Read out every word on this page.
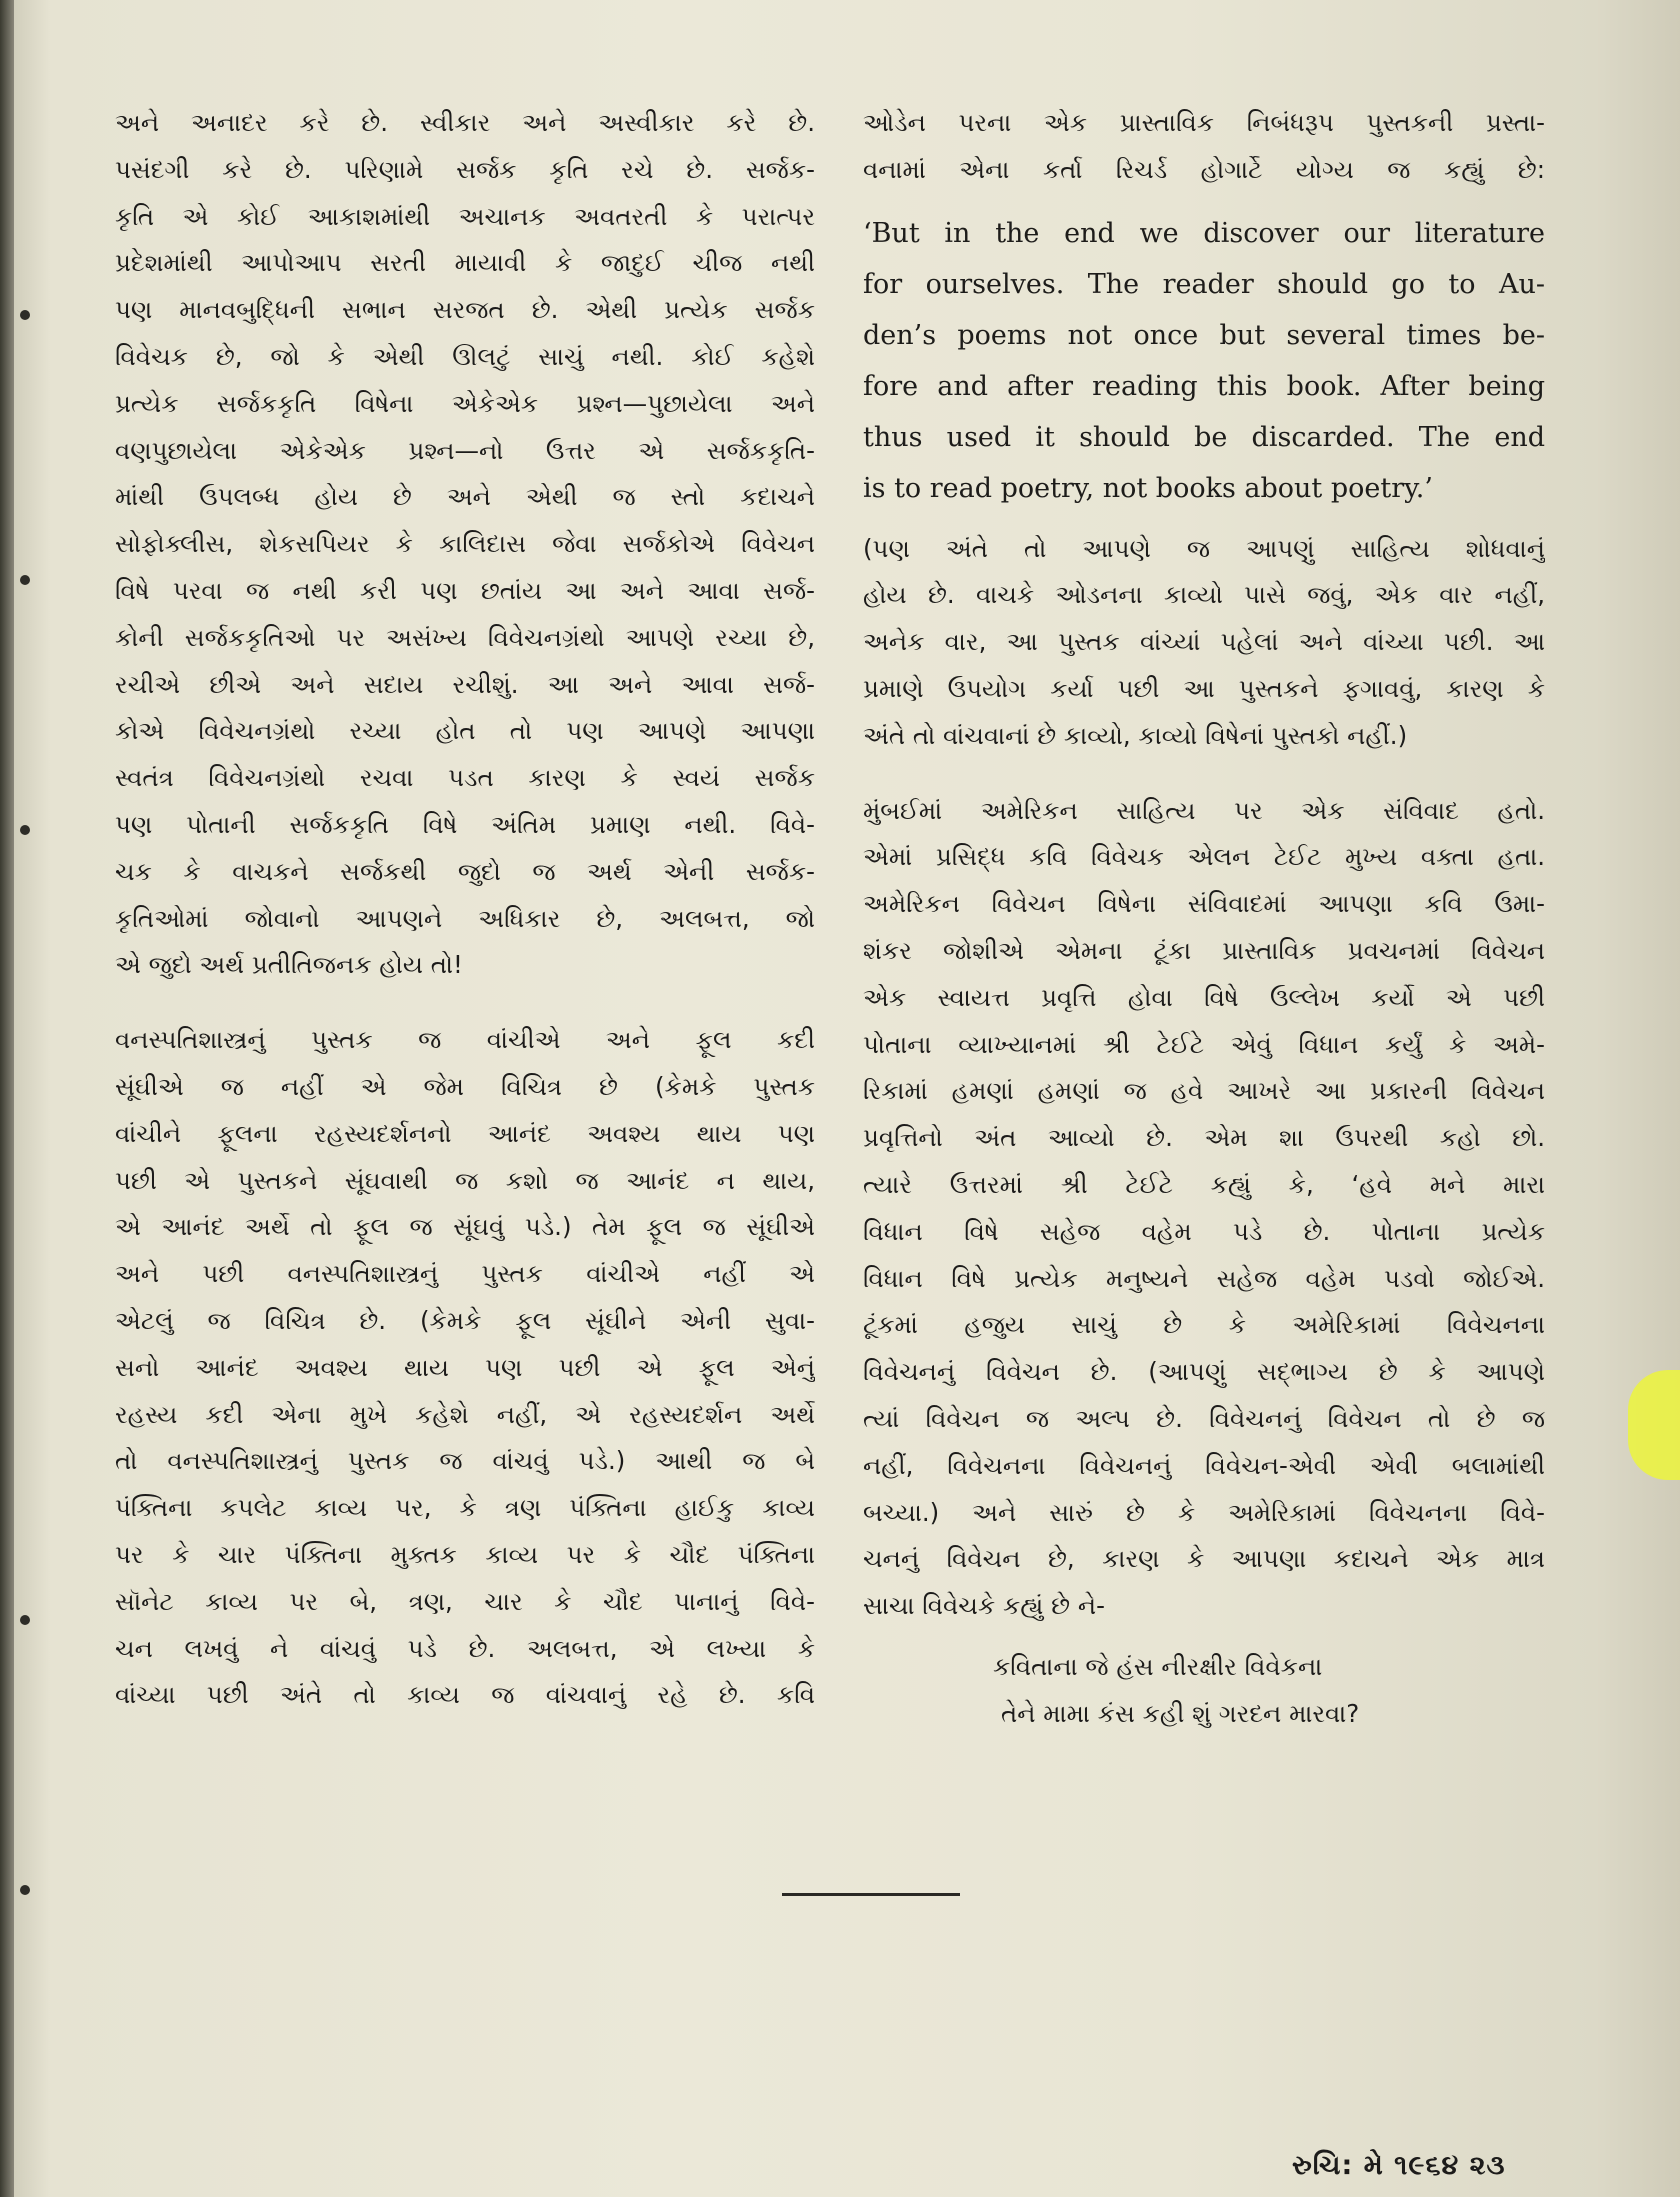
અને અનાદર કરે છે. સ્વીકાર અને અસ્વીકાર કરે છે.
પસંદગી કરે છે. પરિણામે સર્જક કૃતિ રચે છે. સર્જક-
કૃતિ એ કોઈ આકાશમાંથી અચાનક અવતરતી કે પરાત્પર
પ્રદેશમાંથી આપોઆપ સરતી માયાવી કે જાદુઈ ચીજ નથી
પણ માનવબુદ્ધિની સભાન સરજત છે. એથી પ્રત્યેક સર્જક
વિવેચક છે, જો કે એથી ઊલટું સાચું નથી. કોઈ કહેશે
પ્રત્યેક સર્જકકૃતિ વિષેના એકેએક પ્રશ્ન—પુછાયેલા અને
વણપુછાયેલા એકેએક પ્રશ્ન—નો ઉત્તર એ સર્જકકૃતિ-
માંથી ઉપલબ્ધ હોય છે અને એથી જ સ્તો કદાચને
સોફોક્લીસ, શેકસપિયર કે કાલિદાસ જેવા સર્જકોએ વિવેચન
વિષે પરવા જ નથી કરી પણ છતાંય આ અને આવા સર્જ-
કોની સર્જકકૃતિઓ પર અસંખ્ય વિવેચનગ્રંથો આપણે રચ્યા છે,
રચીએ છીએ અને સદાય રચીશું. આ અને આવા સર્જ-
કોએ વિવેચનગ્રંથો રચ્યા હોત તો પણ આપણે આપણા
સ્વતંત્ર વિવેચનગ્રંથો રચવા પડત કારણ કે સ્વયં સર્જક
પણ પોતાની સર્જકકૃતિ વિષે અંતિમ પ્રમાણ નથી. વિવે-
ચક કે વાચકને સર્જકથી જુદો જ અર્થ એની સર્જક-
કૃતિઓમાં જોવાનો આપણને અધિકાર છે, અલબત્ત, જો
એ જુદો અર્થ પ્રતીતિજનક હોય તો!
વનસ્પતિશાસ્ત્રનું પુસ્તક જ વાંચીએ અને ફૂલ કદી
સૂંઘીએ જ નહીં એ જેમ વિચિત્ર છે (કેમકે પુસ્તક
વાંચીને ફૂલના રહસ્યદર્શનનો આનંદ અવશ્ય થાય પણ
પછી એ પુસ્તકને સૂંઘવાથી જ કશો જ આનંદ ન થાય,
એ આનંદ અર્થે તો ફૂલ જ સૂંઘવું પડે.) તેમ ફૂલ જ સૂંઘીએ
અને પછી વનસ્પતિશાસ્ત્રનું પુસ્તક વાંચીએ નહીં એ
એટલું જ વિચિત્ર છે. (કેમકે ફૂલ સૂંઘીને એની સુવા-
સનો આનંદ અવશ્ય થાય પણ પછી એ ફૂલ એનું
રહસ્ય કદી એના મુખે કહેશે નહીં, એ રહસ્યદર્શન અર્થે
તો વનસ્પતિશાસ્ત્રનું પુસ્તક જ વાંચવું પડે.) આથી જ બે
પંક્તિના કપલેટ કાવ્ય પર, કે ત્રણ પંક્તિના હાઈકુ કાવ્ય
પર કે ચાર પંક્તિના મુક્તક કાવ્ય પર કે ચૌદ પંક્તિના
સૉનેટ કાવ્ય પર બે, ત્રણ, ચાર કે ચૌદ પાનાનું વિવે-
ચન લખવું ને વાંચવું પડે છે. અલબત્ત, એ લખ્યા કે
વાંચ્યા પછી અંતે તો કાવ્ય જ વાંચવાનું રહે છે. કવિ
ઓડેન પરના એક પ્રાસ્તાવિક નિબંધરૂપ પુસ્તકની પ્રસ્તા-
વનામાં એના કર્તા રિચર્ડ હોગાર્ટે યોગ્ય જ કહ્યું છે:
‘But in the end we discover our literature
for ourselves. The reader should go to Au-
den’s poems not once but several times be-
fore and after reading this book. After being
thus used it should be discarded. The end
is to read poetry, not books about poetry.’
(પણ અંતે તો આપણે જ આપણું સાહિત્ય શોધવાનું
હોય છે. વાચકે ઓડનના કાવ્યો પાસે જવું, એક વાર નહીં,
અનેક વાર, આ પુસ્તક વાંચ્યાં પહેલાં અને વાંચ્યા પછી. આ
પ્રમાણે ઉપયોગ કર્યા પછી આ પુસ્તકને ફગાવવું, કારણ કે
અંતે તો વાંચવાનાં છે કાવ્યો, કાવ્યો વિષેનાં પુસ્તકો નહીં.)
મુંબઈમાં અમેરિકન સાહિત્ય પર એક સંવિવાદ હતો.
એમાં પ્રસિદ્ધ કવિ વિવેચક એલન ટેઈટ મુખ્ય વક્તા હતા.
અમેરિકન વિવેચન વિષેના સંવિવાદમાં આપણા કવિ ઉમા-
શંકર જોશીએ એમના ટૂંકા પ્રાસ્તાવિક પ્રવચનમાં વિવેચન
એક સ્વાયત્ત પ્રવૃત્તિ હોવા વિષે ઉલ્લેખ કર્યો એ પછી
પોતાના વ્યાખ્યાનમાં શ્રી ટેઈટે એવું વિધાન કર્યું કે અમે-
રિકામાં હમણાં હમણાં જ હવે આખરે આ પ્રકારની વિવેચન
પ્રવૃત્તિનો અંત આવ્યો છે. એમ શા ઉપરથી કહો છો.
ત્યારે ઉત્તરમાં શ્રી ટેઈટે કહ્યું કે, ‘હવે મને મારા
વિધાન વિષે સહેજ વહેમ પડે છે. પોતાના પ્રત્યેક
વિધાન વિષે પ્રત્યેક મનુષ્યને સહેજ વહેમ પડવો જોઈએ.
ટૂંકમાં હજુય સાચું છે કે અમેરિકામાં વિવેચનના
વિવેચનનું વિવેચન છે. (આપણું સદ્ભાગ્ય છે કે આપણે
ત્યાં વિવેચન જ અલ્પ છે. વિવેચનનું વિવેચન તો છે જ
નહીં, વિવેચનના વિવેચનનું વિવેચન-એવી એવી બલામાંથી
બચ્યા.) અને સારું છે કે અમેરિકામાં વિવેચનના વિવે-
ચનનું વિવેચન છે, કારણ કે આપણા કદાચને એક માત્ર
સાચા વિવેચકે કહ્યું છે ને-
કવિતાના જે હંસ નીરક્ષીર વિવેકના
તેને મામા કંસ કહી શું ગરદન મારવા?
રુચિ: મે ૧૯૬૪ ૨૩
